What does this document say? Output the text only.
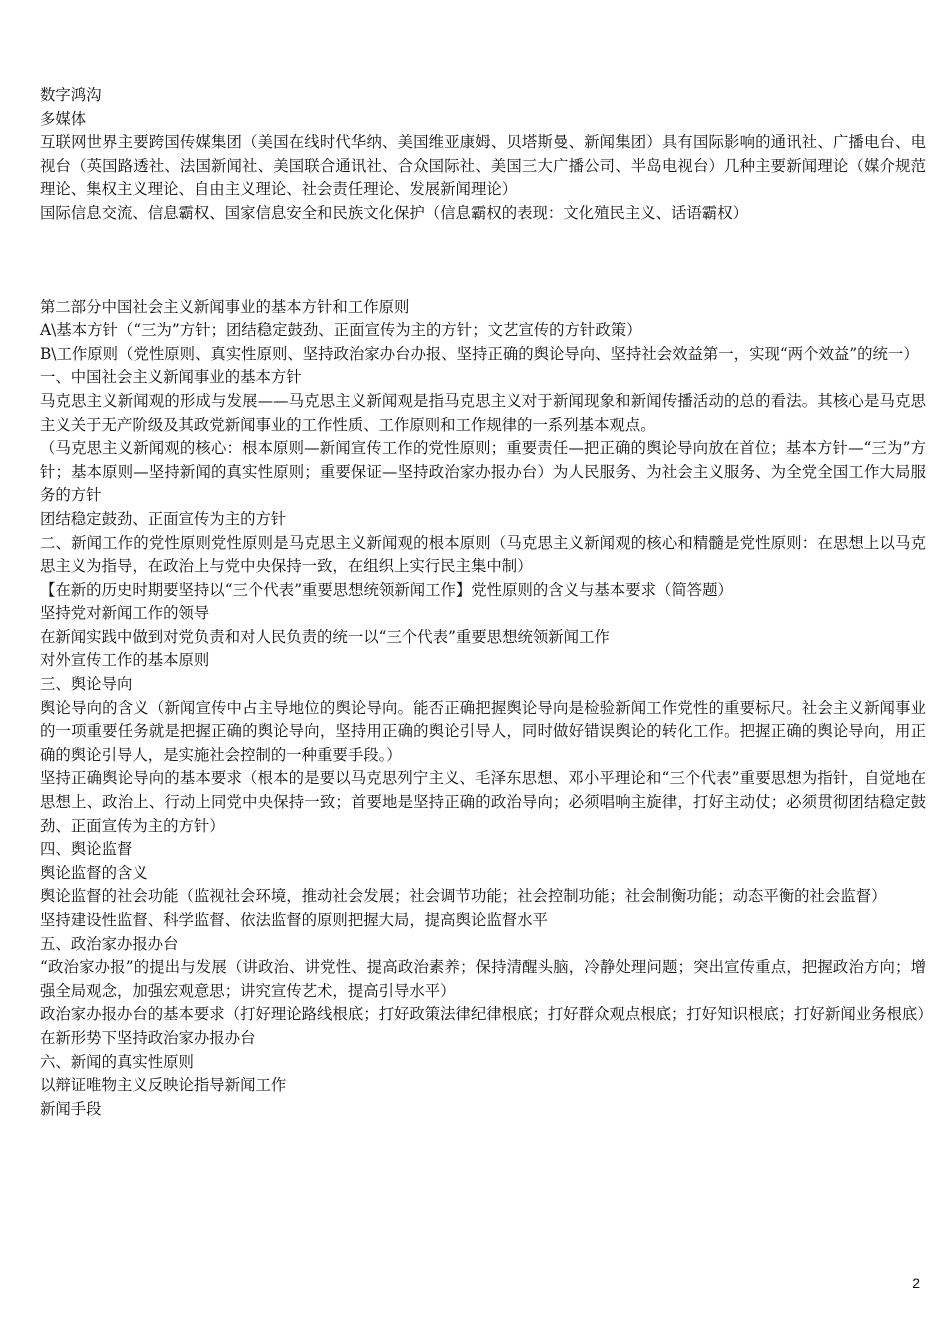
数字鸿沟

多媒体

互联网世界主要跨国传媒集团（美国在线时代华纳、美国维亚康姆、贝塔斯曼、新闻集团）具有国际影响的通讯社、广播电台、电视台（英国路透社、法国新闻社、美国联合通讯社、合众国际社、美国三大广播公司、半岛电视台）几种主要新闻理论（媒介规范理论、集权主义理论、自由主义理论、社会责任理论、发展新闻理论）

国际信息交流、信息霸权、国家信息安全和民族文化保护（信息霸权的表现：文化殖民主义、话语霸权）

第二部分中国社会主义新闻事业的基本方针和工作原则

A\基本方针（“三为”方针；团结稳定鼓劲、正面宣传为主的方针；文艺宣传的方针政策）

B\工作原则（党性原则、真实性原则、坚持政治家办台办报、坚持正确的舆论导向、坚持社会效益第一，实现“两个效益”的统一）

一、中国社会主义新闻事业的基本方针

马克思主义新闻观的形成与发展——马克思主义新闻观是指马克思主义对于新闻现象和新闻传播活动的总的看法。其核心是马克思主义关于无产阶级及其政党新闻事业的工作性质、工作原则和工作规律的一系列基本观点。

（马克思主义新闻观的核心：根本原则—新闻宣传工作的党性原则；重要责任—把正确的舆论导向放在首位；基本方针—“三为”方针；基本原则—坚持新闻的真实性原则；重要保证—坚持政治家办报办台）为人民服务、为社会主义服务、为全党全国工作大局服务的方针

团结稳定鼓劲、正面宣传为主的方针

二、新闻工作的党性原则党性原则是马克思主义新闻观的根本原则（马克思主义新闻观的核心和精髓是党性原则：在思想上以马克思主义为指导，在政治上与党中央保持一致，在组织上实行民主集中制）

【在新的历史时期要坚持以“三个代表”重要思想统领新闻工作】党性原则的含义与基本要求（简答题）

坚持党对新闻工作的领导

在新闻实践中做到对党负责和对人民负责的统一以“三个代表”重要思想统领新闻工作

对外宣传工作的基本原则

三、舆论导向

舆论导向的含义（新闻宣传中占主导地位的舆论导向。能否正确把握舆论导向是检验新闻工作党性的重要标尺。社会主义新闻事业的一项重要任务就是把握正确的舆论导向，坚持用正确的舆论引导人，同时做好错误舆论的转化工作。把握正确的舆论导向，用正确的舆论引导人，是实施社会控制的一种重要手段。）

坚持正确舆论导向的基本要求（根本的是要以马克思列宁主义、毛泽东思想、邓小平理论和“三个代表”重要思想为指针，自觉地在思想上、政治上、行动上同党中央保持一致；首要地是坚持正确的政治导向；必须唱响主旋律，打好主动仗；必须贯彻团结稳定鼓劲、正面宣传为主的方针）

四、舆论监督

舆论监督的含义

舆论监督的社会功能（监视社会环境，推动社会发展；社会调节功能；社会控制功能；社会制衡功能；动态平衡的社会监督）

坚持建设性监督、科学监督、依法监督的原则把握大局，提高舆论监督水平

五、政治家办报办台

“政治家办报”的提出与发展（讲政治、讲党性、提高政治素养；保持清醒头脑，冷静处理问题；突出宣传重点，把握政治方向；增强全局观念，加强宏观意思；讲究宣传艺术，提高引导水平）

政治家办报办台的基本要求（打好理论路线根底；打好政策法律纪律根底；打好群众观点根底；打好知识根底；打好新闻业务根底）

在新形势下坚持政治家办报办台

六、新闻的真实性原则

以辩证唯物主义反映论指导新闻工作

新闻手段

2
